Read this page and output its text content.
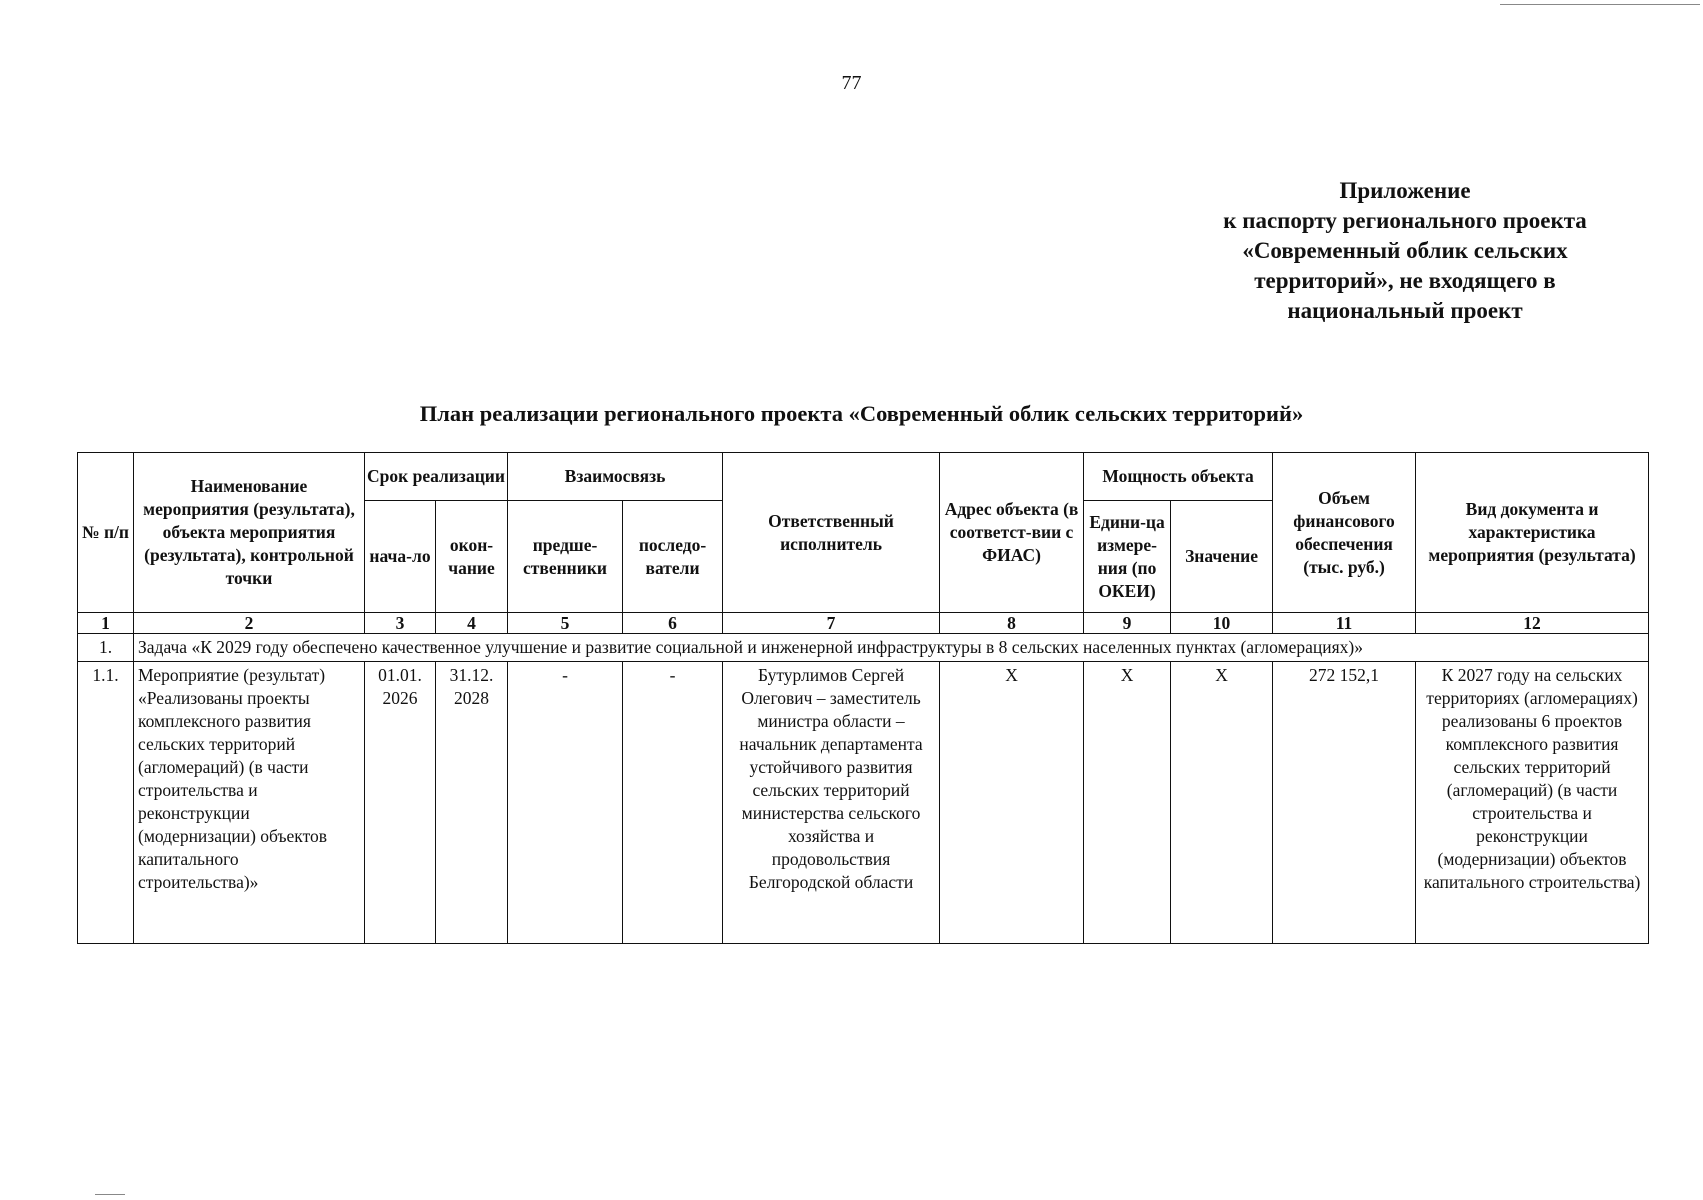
77
Приложение
к паспорту регионального проекта
«Современный облик сельских
территорий», не входящего в
национальный проект
План реализации регионального проекта «Современный облик сельских территорий»
№ п/п	Наименование мероприятия (результата), объекта мероприятия (результата), контрольной точки	Срок реализации		Взаимосвязь		Ответственный исполнитель	Адрес объекта (в соответст-вии с ФИАС)	Мощность объекта		Объем финансового обеспечения (тыс. руб.)	Вид документа и характеристика мероприятия (результата)
		нача-ло	окон-чание	предше-ственники	последо-ватели			Едини-ца измере-ния (по ОКЕИ)	Значение		
1	2	3	4	5	6	7	8	9	10	11	12
1.	Задача «К 2029 году обеспечено качественное улучшение и развитие социальной и инженерной инфраструктуры в 8 сельских населенных пунктах (агломерациях)»										
1.1.	Мероприятие (результат) «Реализованы проекты комплексного развития сельских территорий (агломераций) (в части строительства и реконструкции (модернизации) объектов капитального строительства)»	01.01. 2026	31.12. 2028	-	-	Бутурлимов Сергей Олегович – заместитель министра области – начальник департамента устойчивого развития сельских территорий министерства сельского хозяйства и продовольствия Белгородской области	Х	Х	Х	272 152,1	К 2027 году на сельских территориях (агломерациях) реализованы 6 проектов комплексного развития сельских территорий (агломераций) (в части строительства и реконструкции (модернизации) объектов капитального строительства)
